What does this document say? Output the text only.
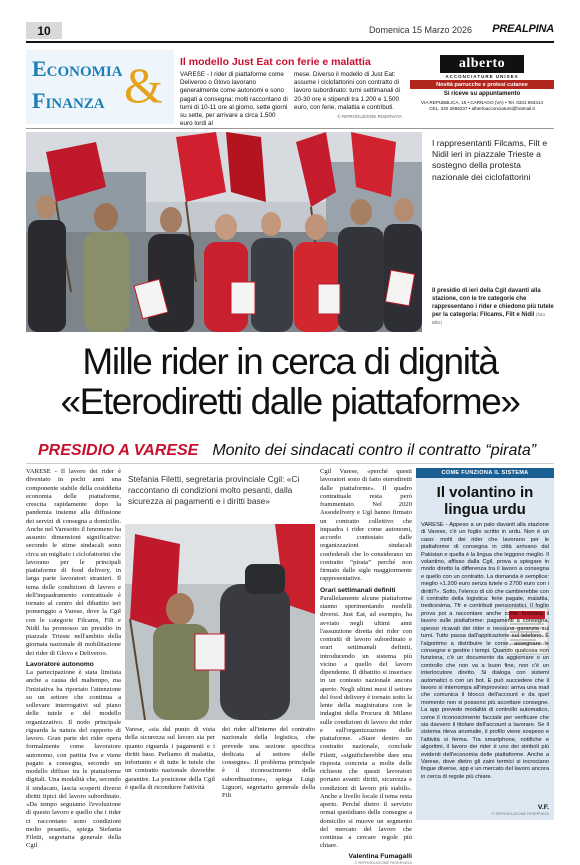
10	Domenica 15 Marzo 2026 PREALPINA
Economia &
Finanza
Il modello Just Eat con ferie e malattia
VARESE - I rider di piattaforme come Deliveroo o Glovo lavorano generalmente come autonomi e sono pagati a consegna: molti raccontano di turni di 10-11 ore al giorno, sette giorni su sette, per arrivare a circa 1.500 euro lordi al
mese. Diverso il modello di Just Eat: assume i ciclofattorini con contratto di lavoro subordinato: turni settimanali di 20-30 ore e stipendi tra 1.200 e 1.500 euro, con ferie, malattia e contributi.
© RIPRODUZIONE RISERVATA
alberto
ACCONCIATURE UNISEX
Novità parrucche e protesi cutanee
Si riceve su appuntamento
VIA REPUBBLICA, 15 • CARNAGO (VA) • Tel. 0331 993414
CEL. 340 2886237 • albertoacconciature@hotmail.it
I rappresentanti Filcams, Filt e Nidil ieri in piazzale Trieste a sostegno della protesta nazionale dei ciclofattorini
Il presidio di ieri della Cgil davanti alla stazione, con le tre categorie che rappresentano i rider e chiedono più tutele per la categoria: Filcams, Filt e Nidil (foto Blitz)
Mille rider in cerca di dignità
«Eterodiretti dalle piattaforme»
PRESIDIO A VARESE Monito dei sindacati contro il contratto “pirata”

VARESE - Il lavoro dei rider è diventato in pochi anni una componente stabile della cosiddetta economia delle piattaforme, crescita rapidamente dopo la pandemia insieme alla diffusione dei servizi di consegna a domicilio. Anche nel Varesotto il fenomeno ha assunto dimensioni significative: secondo le stime sindacali sono circa un migliaio i ciclofattorini che lavorano per le principali piattaforme di food delivery, in larga parte lavoratori stranieri. Il tema delle condizioni di lavoro e dell'inquadramento contrattuale è tornato al centro del dibattito ieri pomeriggio a Varese, dove la Cgil con le categorie Filcams, Filt e Nidil ha promosso un presidio in piazzale Trieste nell'ambito della giornata nazionale di mobilitazione dei rider di Glovo e Deliveroo.

Lavoratore autonomo

La partecipazione è stata limitata anche a causa del maltempo, ma l'iniziativa ha riportato l'attenzione su un settore che continua a sollevare interrogativi sul piano delle tutele e del modello organizzativo. Il nodo principale riguarda la natura del rapporto di lavoro. Gran parte dei rider opera formalmente come lavoratore autonomo, con partita Iva e viene pagato a consegna, secondo un modello diffuso tra le piattaforme digitali. Una modalità che, secondo il sindacato, lascia scoperti diversi diritti tipici del lavoro subordinato. «Da tempo seguiamo l'evoluzione di questo lavoro e quello che i rider ci raccontano sono condizioni molto pesanti», spiega Stefania Filetti, segretaria generale della Cgil

Stefania Filetti, segretaria provinciale Cgil: «Ci raccontano di condizioni molto pesanti, dalla sicurezza ai pagamenti e i diritti base»
Varese, «sia dal punto di vista della sicurezza sul lavoro sia per quanto riguarda i pagamenti e i diritti base. Parliamo di malattia, infortunio e di tutte le tutele che un contratto nazionale dovrebbe garantire. La posizione della Cgil è quella di ricondurre l'attività
dei rider all'interno del contratto nazionale della logistica, che prevede una sezione specifica dedicata al settore delle consegne». Il problema principale è il riconoscimento della subordinazione», spiega Luigi Liguori, segretario generale della Filt

Cgil Varese, «perché questi lavoratori sono di fatto eterodiretti dalle piattaforme». Il quadro contrattuale resta però frammentato. Nel 2020 Assodelivery e Ugl hanno firmato un contratto collettivo che inquadra i rider come autonomi, accordo contestato dalle organizzazioni sindacali confederali che lo considerano un contratto “pirata” perché non firmato dalle sigle maggiormente rappresentative.

Orari settimanali definiti

Parallelamente alcune piattaforme stanno sperimentando modelli diversi. Just Eat, ad esempio, ha avviato negli ultimi anni l'assunzione diretta dei rider con contratti di lavoro subordinato e orari settimanali definiti, introducendo un sistema più vicino a quello del lavoro dipendente. Il dibattito si inserisce in un contesto nazionale ancora aperto. Negli ultimi mesi il settore del food delivery è tornato sotto la lente della magistratura con le indagini della Procura di Milano sulle condizioni di lavoro dei rider e sull'organizzazione delle piattaforme. «Stare dentro un contratto nazionale, conclude Filetti, «significherebbe dare una risposta concreta a molte delle richieste che questi lavoratori portano avanti: diritti, sicurezza e condizioni di lavoro più stabili». Anche a livello locale il tema resta aperto. Perché dietro il servizio ormai quotidiano delle consegne a domicilio si muove un segmento del mercato del lavoro che continua a cercare regole più chiare.

Valentina Fumagalli
© RIPRODUZIONE RISERVATA
COME FUNZIONA IL SISTEMA
Il volantino in lingua urdu
VARESE - Appeso a un palo davanti alla stazione di Varese, c'è un foglio scritto in urdu. Non è un caso: molti dei rider che lavorano per le piattaforme di consegna in città arrivano dal Pakistan e quella è la lingua che leggono meglio. Il volantino, affisso dalla Cgil, prova a spiegare in modo diretto la differenza tra il lavoro a consegna e quello con un contratto. La domanda è semplice: meglio «1.200 euro senza tutele o 2700 euro con i diritti?». Sotto, l'elenco di ciò che cambierebbe con il contratto della logistica: ferie pagate, malattia, tredicesima, Tfr e contributi pensionistici. Il foglio prova poi a raccontare anche come funziona il lavoro sulle piattaforme: pagamenti a consegna, spesso ricavati dei rider e nessuna garanzia sui turni. Tutto passa dall'applicazione sul telefono. È l'algoritmo a distribuire le corse, assegnare le consegne e gestire i tempi. Quando qualcosa non funziona, c'è un documento da aggiornare o un controllo che non va a buon fine, non c'è un interlocutore diretto. Si dialoga con sistemi automatici o con un bot. E può succedere che il lavoro si interrompa all'improvviso: arriva una mail che comunica il blocco dell'account e da quel momento non si possono più accettare consegne. La app prevede modalità di controllo automatico, come il riconoscimento facciale per verificare che sia davvero il titolare dell'account a lavorare. Se il sistema rileva anomalie, il profilo viene sospeso e l'attività si ferma. Tra smartphone, notifiche e algoritmi, il lavoro dei rider è uno dei simboli più evidenti dell'economia delle piattaforme. Anche a Varese, dove dietro gli zaini termici si incrociano lingue diverse, app e un mercato del lavoro ancora in cerca di regole più chiare.
V.F.
© RIPRODUZIONE RISERVATA
